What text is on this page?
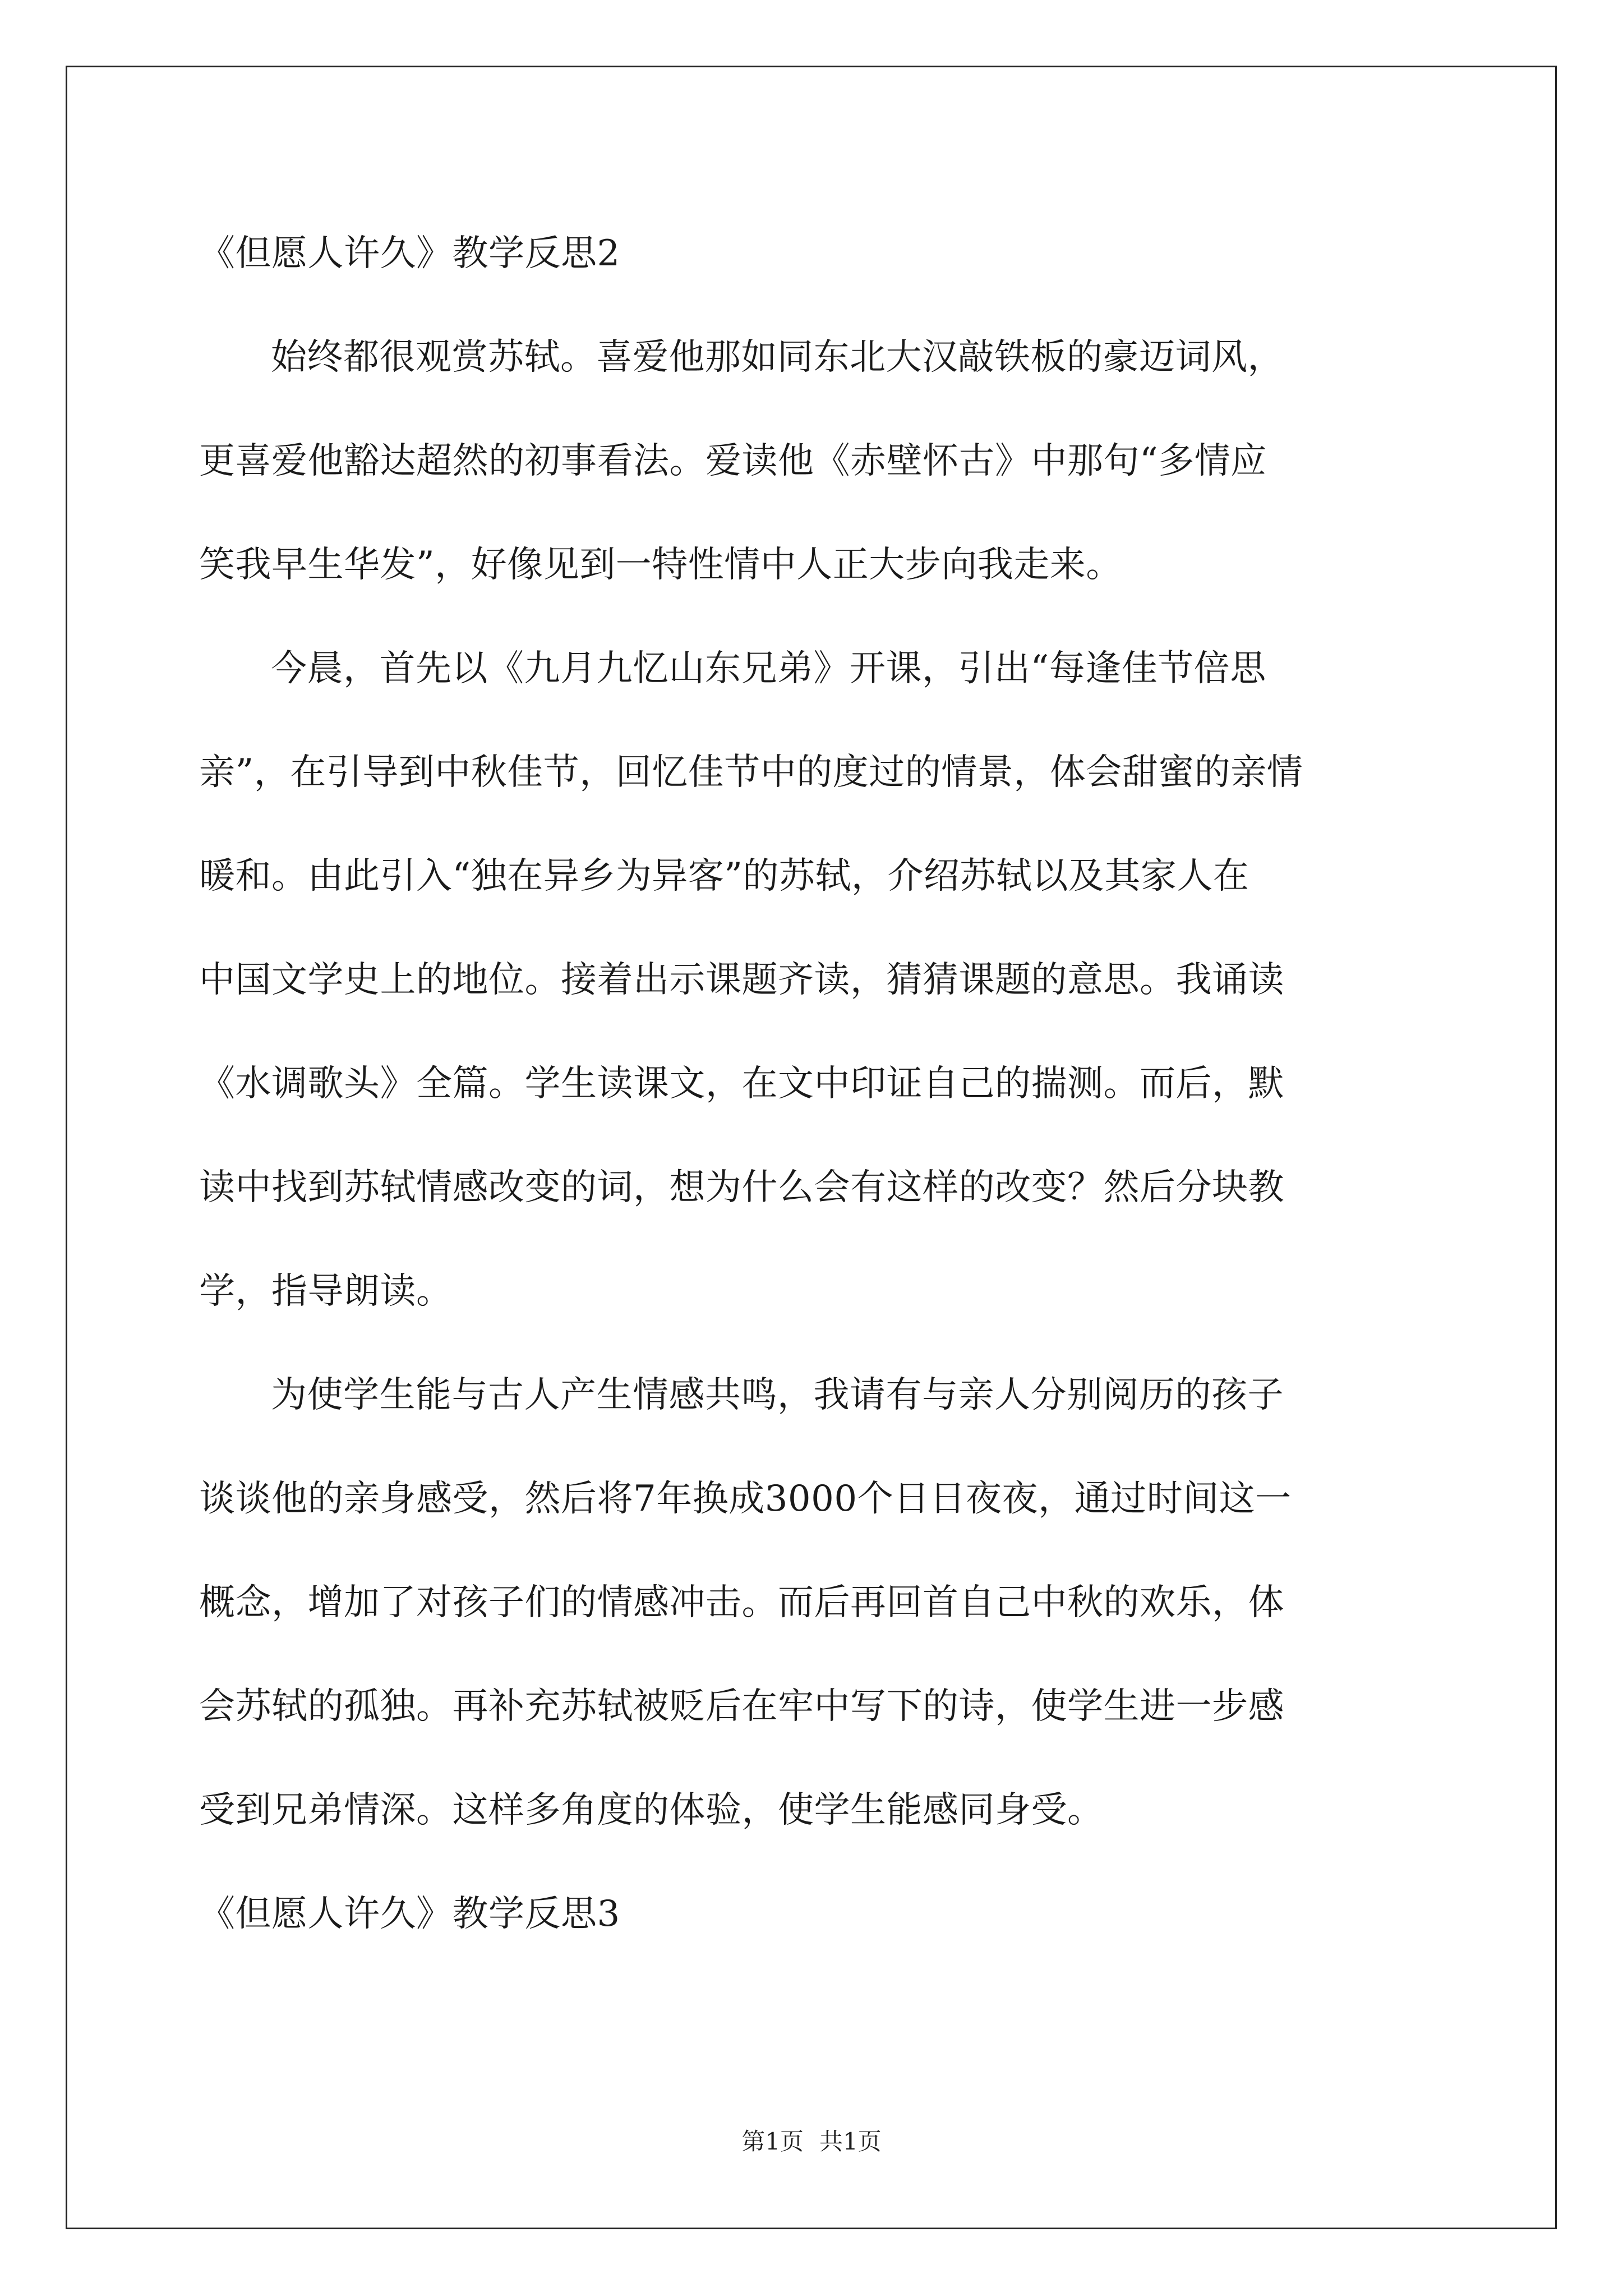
《但愿人许久》教学反思2
始终都很观赏苏轼。喜爱他那如同东北大汉敲铁板的豪迈词风，
更喜爱他豁达超然的初事看法。爱读他《赤壁怀古》中那句“多情应
笑我早生华发”，好像见到一特性情中人正大步向我走来。
今晨，首先以《九月九忆山东兄弟》开课，引出“每逢佳节倍思
亲”，在引导到中秋佳节，回忆佳节中的度过的情景，体会甜蜜的亲情
暖和。由此引入“独在异乡为异客”的苏轼，介绍苏轼以及其家人在
中国文学史上的地位。接着出示课题齐读，猜猜课题的意思。我诵读
《水调歌头》全篇。学生读课文，在文中印证自己的揣测。而后，默
读中找到苏轼情感改变的词，想为什么会有这样的改变？然后分块教
学，指导朗读。
为使学生能与古人产生情感共鸣，我请有与亲人分别阅历的孩子
谈谈他的亲身感受，然后将7年换成3000个日日夜夜，通过时间这一
概念，增加了对孩子们的情感冲击。而后再回首自己中秋的欢乐，体
会苏轼的孤独。再补充苏轼被贬后在牢中写下的诗，使学生进一步感
受到兄弟情深。这样多角度的体验，使学生能感同身受。
《但愿人许久》教学反思3
第1页 共1页
